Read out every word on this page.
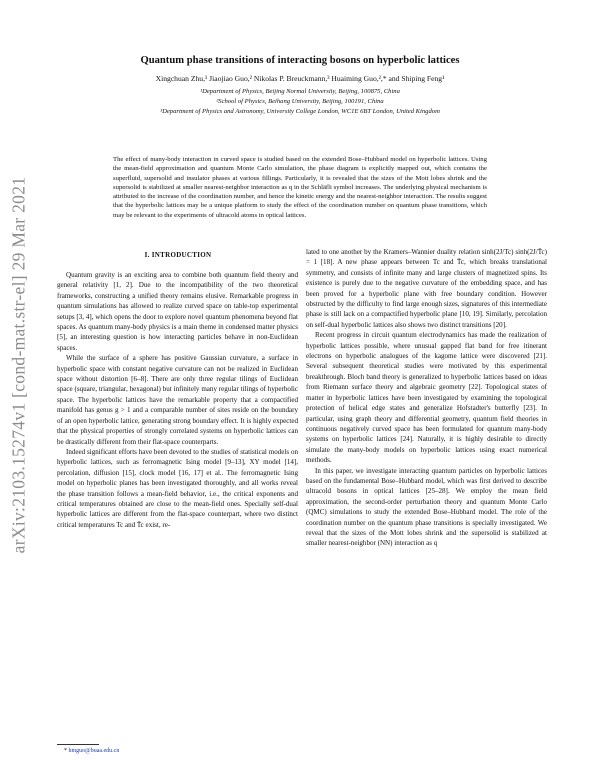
arXiv:2103.15274v1 [cond-mat.str-el] 29 Mar 2021
Quantum phase transitions of interacting bosons on hyperbolic lattices
Xingchuan Zhu,¹ Jiaojiao Guo,² Nikolas P. Breuckmann,³ Huaiming Guo,²,* and Shiping Feng¹
¹Department of Physics, Beijing Normal University, Beijing, 100875, China
²School of Physics, Beihang University, Beijing, 100191, China
³Department of Physics and Astronomy, University College London, WC1E 6BT London, United Kingdom
The effect of many-body interaction in curved space is studied based on the extended Bose–Hubbard model on hyperbolic lattices. Using the mean-field approximation and quantum Monte Carlo simulation, the phase diagram is explicitly mapped out, which contains the superfluid, supersolid and insulator phases at various fillings. Particularly, it is revealed that the sizes of the Mott lobes shrink and the supersolid is stabilized at smaller nearest-neighbor interaction as q in the Schläfli symbol increases. The underlying physical mechanism is attributed to the increase of the coordination number, and hence the kinetic energy and the nearest-neighbor interaction. The results suggest that the hyperbolic lattices may be a unique platform to study the effect of the coordination number on quantum phase transitions, which may be relevant to the experiments of ultracold atoms in optical lattices.
I. INTRODUCTION

Quantum gravity is an exciting area to combine both quantum field theory and general relativity [1, 2]. Due to the incompatibility of the two theoretical frameworks, constructing a unified theory remains elusive. Remarkable progress in quantum simulations has allowed to realize curved space on table-top experimental setups [3, 4], which opens the door to explore novel quantum phenomena beyond flat spaces. As quantum many-body physics is a main theme in condensed matter physics [5], an interesting question is how interacting particles behave in non-Euclidean spaces.

While the surface of a sphere has positive Gaussian curvature, a surface in hyperbolic space with constant negative curvature can not be realized in Euclidean space without distortion [6–8]. There are only three regular tilings of Euclidean space (square, triangular, hexagonal) but infinitely many regular tilings of hyperbolic space. The hyperbolic lattices have the remarkable property that a compactified manifold has genus g > 1 and a comparable number of sites reside on the boundary of an open hyperbolic lattice, generating strong boundary effect. It is highly expected that the physical properties of strongly correlated systems on hyperbolic lattices can be drastically different from their flat-space counterparts.

Indeed significant efforts have been devoted to the studies of statistical models on hyperbolic lattices, such as ferromagnetic Ising model [9–13], XY model [14], percolation, diffusion [15], clock model [16, 17] et al.. The ferromagnetic Ising model on hyperbolic planes has been investigated thoroughly, and all works reveal the phase transition follows a mean-field behavior, i.e., the critical exponents and critical temperatures obtained are close to the mean-field ones. Specially self-dual hyperbolic lattices are different from the flat-space counterpart, where two distinct critical temperatures Tc and T̄c exist, re-

lated to one another by the Kramers–Wannier duality relation sinh(2J/Tc) sinh(2J/T̄c) = 1 [18]. A new phase appears between Tc and T̄c, which breaks translational symmetry, and consists of infinite many and large clusters of magnetized spins. Its existence is purely due to the negative curvature of the embedding space, and has been proved for a hyperbolic plane with free boundary condition. However obstructed by the difficulty to find large enough sizes, signatures of this intermediate phase is still lack on a compactified hyperbolic plane [10, 19]. Similarly, percolation on self-dual hyperbolic lattices also shows two distinct transitions [20].

Recent progress in circuit quantum electrodynamics has made the realization of hyperbolic lattices possible, where unusual gapped flat band for free itinerant electrons on hyperbolic analogues of the kagome lattice were discovered [21]. Several subsequent theoretical studies were motivated by this experimental breakthrough. Bloch band theory is generalized to hyperbolic lattices based on ideas from Riemann surface theory and algebraic geometry [22]. Topological states of matter in hyperbolic lattices have been investigated by examining the topological protection of helical edge states and generalize Hofstadter's butterfly [23]. In particular, using graph theory and differential geometry, quantum field theories in continuous negatively curved space has been formulated for quantum many-body systems on hyperbolic lattices [24]. Naturally, it is highly desirable to directly simulate the many-body models on hyperbolic lattices using exact numerical methods.

In this paper, we investigate interacting quantum particles on hyperbolic lattices based on the fundamental Bose–Hubbard model, which was first derived to describe ultracold bosons in optical lattices [25–28]. We employ the mean field approximation, the second-order perturbation theory and quantum Monte Carlo (QMC) simulations to study the extended Bose–Hubbard model. The role of the coordination number on the quantum phase transitions is specially investigated. We reveal that the sizes of the Mott lobes shrink and the supersolid is stabilized at smaller nearest-neighbor (NN) interaction as q

* hmguo@buaa.edu.cn
